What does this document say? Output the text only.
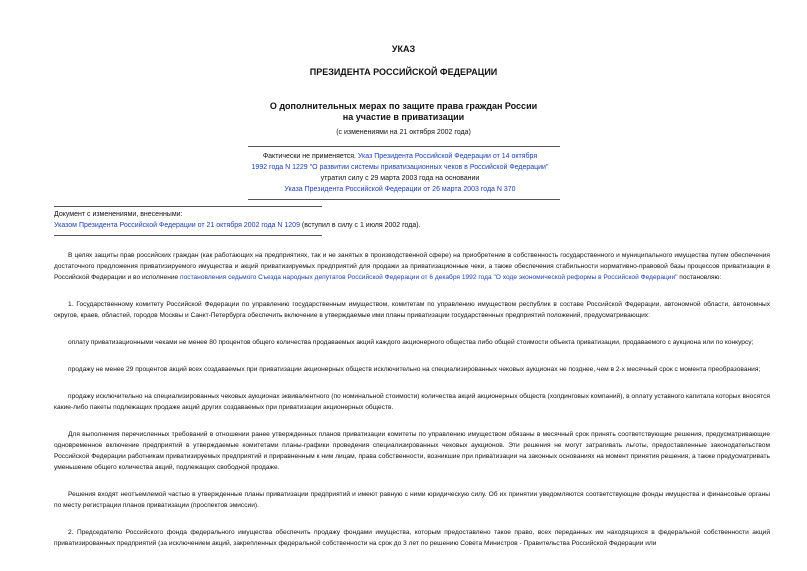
УКАЗ
ПРЕЗИДЕНТА РОССИЙСКОЙ ФЕДЕРАЦИИ
О дополнительных мерах по защите права граждан России
на участие в приватизации
(с изменениями на 21 октября 2002 года)
Фактически не применяется. Указ Президента Российской Федерации от 14 октября
1992 года N 1229 "О развитии системы приватизационных чеков в Российской Федерации"
утратил силу с 29 марта 2003 года на основании
Указа Президента Российской Федерации от 26 марта 2003 года N 370
Документ с изменениями, внесенными:
Указом Президента Российской Федерации от 21 октября 2002 года N 1209 (вступил в силу с 1 июля 2002 года).

В целях защиты прав российских граждан (как работающих на предприятиях, так и не занятых в производственной сфере) на приобретение в собственность государственного и муниципального имущества путем обеспечения достаточного предложения приватизируемого имущества и акций приватизируемых предприятий для продажи за приватизационные чеки, а также обеспечения стабильности нормативно-правовой базы процессов приватизации в Российской Федерации и во исполнение постановления седьмого Съезда народных депутатов Российской Федерации от 6 декабря 1992 года "О ходе экономической реформы в Российской Федерации" постановляю:

1. Государственному комитету Российской Федерации по управлению государственным имуществом, комитетам по управлению имуществом республик в составе Российской Федерации, автономной области, автономных округов, краев, областей, городов Москвы и Санкт-Петербурга обеспечить включение в утверждаемые ими планы приватизации государственных предприятий положений, предусматривающих:

оплату приватизационными чеками не менее 80 процентов общего количества продаваемых акций каждого акционерного общества либо общей стоимости объекта приватизации, продаваемого с аукциона или по конкурсу;

продажу не менее 29 процентов акций всех создаваемых при приватизации акционерных обществ исключительно на специализированных чековых аукционах не позднее, чем в 2-х месячный срок с момента преобразования;

продажу исключительно на специализированных чековых аукционах эквивалентного (по номинальной стоимости) количества акций акционерных обществ (холдинговых компаний), в оплату уставного капитала которых вносятся какие-либо пакеты подлежащих продаже акций других создаваемых при приватизации акционерных обществ.

Для выполнения перечисленных требований в отношении ранее утвержденных планов приватизации комитеты по управлению имуществом обязаны в месячный срок принять соответствующие решения, предусматривающие одновременное включение предприятий в утверждаемые комитетами планы-графики проведения специализированных чековых аукционов. Эти решения не могут затрагивать льготы, предоставленные законодательством Российской Федерации работникам приватизируемых предприятий и приравненным к ним лицам, права собственности, возникшие при приватизации на законных основаниях на момент принятия решения, а также предусматривать уменьшение общего количества акций, подлежащих свободной продаже.

Решения входят неотъемлемой частью в утвержденные планы приватизации предприятий и имеют равную с ними юридическую силу. Об их принятии уведомляются соответствующие фонды имущества и финансовые органы по месту регистрации планов приватизации (проспектов эмиссии).

2. Председателю Российского фонда федерального имущества обеспечить продажу фондами имущества, которым предоставлено такое право, всех переданных им находящихся в федеральной собственности акций приватизированных предприятий (за исключением акций, закрепленных федеральной собственности на срок до 3 лет по решению Совета Министров - Правительства Российской Федерации или
